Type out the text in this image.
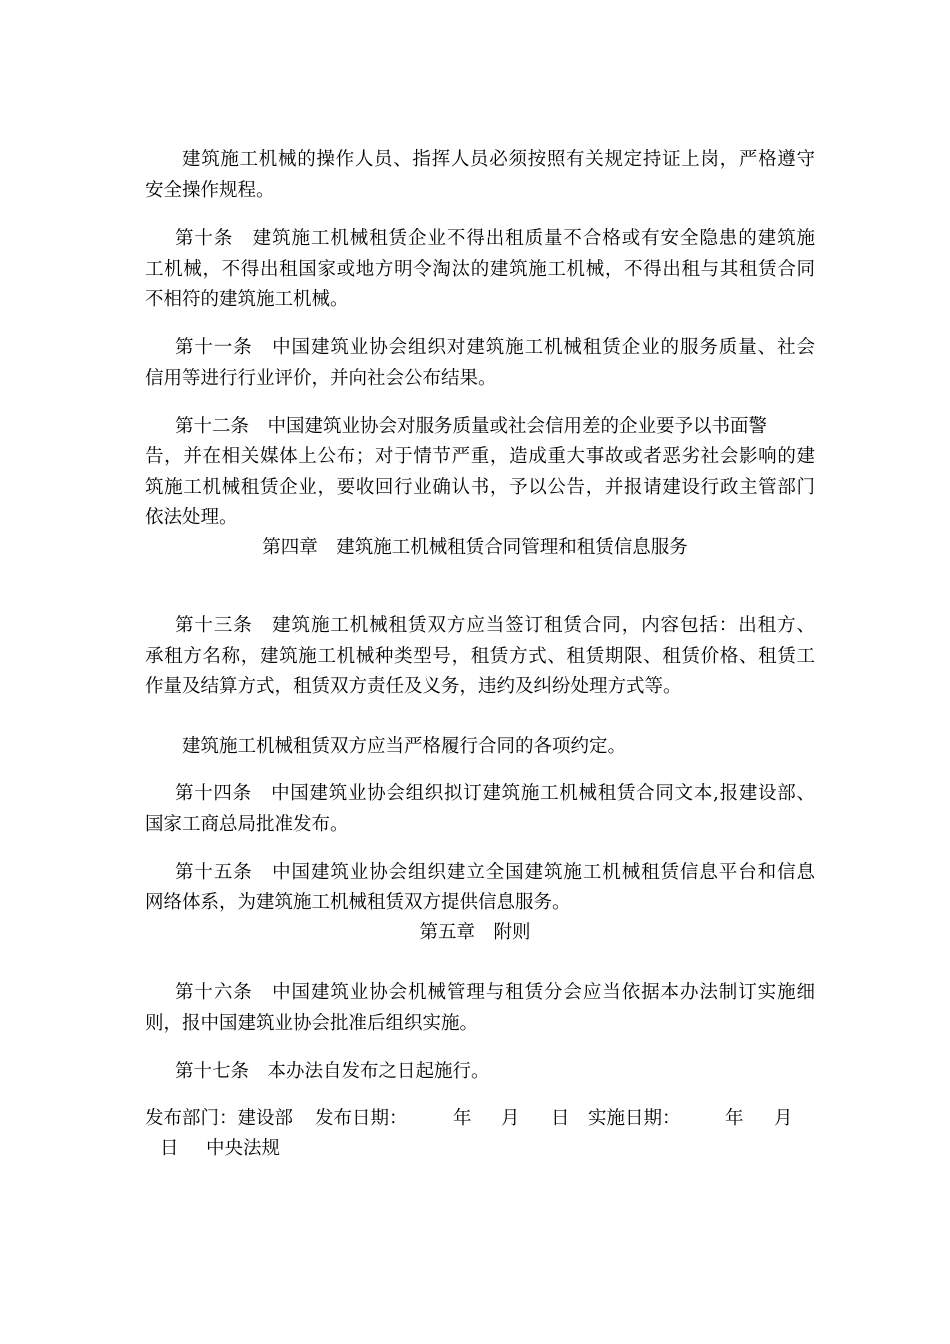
建筑施工机械的操作人员、指挥人员必须按照有关规定持证上岗，严格遵守
安全操作规程。
第十条　建筑施工机械租赁企业不得出租质量不合格或有安全隐患的建筑施
工机械，不得出租国家或地方明令淘汰的建筑施工机械，不得出租与其租赁合同
不相符的建筑施工机械。
第十一条　中国建筑业协会组织对建筑施工机械租赁企业的服务质量、社会
信用等进行行业评价，并向社会公布结果。
第十二条　中国建筑业协会对服务质量或社会信用差的企业要予以书面警
告，并在相关媒体上公布；对于情节严重，造成重大事故或者恶劣社会影响的建
筑施工机械租赁企业，要收回行业确认书，予以公告，并报请建设行政主管部门
依法处理。
第四章　建筑施工机械租赁合同管理和租赁信息服务
第十三条　建筑施工机械租赁双方应当签订租赁合同，内容包括：出租方、
承租方名称，建筑施工机械种类型号，租赁方式、租赁期限、租赁价格、租赁工
作量及结算方式，租赁双方责任及义务，违约及纠纷处理方式等。
建筑施工机械租赁双方应当严格履行合同的各项约定。
第十四条　中国建筑业协会组织拟订建筑施工机械租赁合同文本,报建设部、
国家工商总局批准发布。
第十五条　中国建筑业协会组织建立全国建筑施工机械租赁信息平台和信息
网络体系，为建筑施工机械租赁双方提供信息服务。
第五章　附则
第十六条　中国建筑业协会机械管理与租赁分会应当依据本办法制订实施细
则，报中国建筑业协会批准后组织实施。
第十七条　本办法自发布之日起施行。
发布部门：建设部 发布日期： 年 月 日 实施日期： 年 月
日 中央法规
